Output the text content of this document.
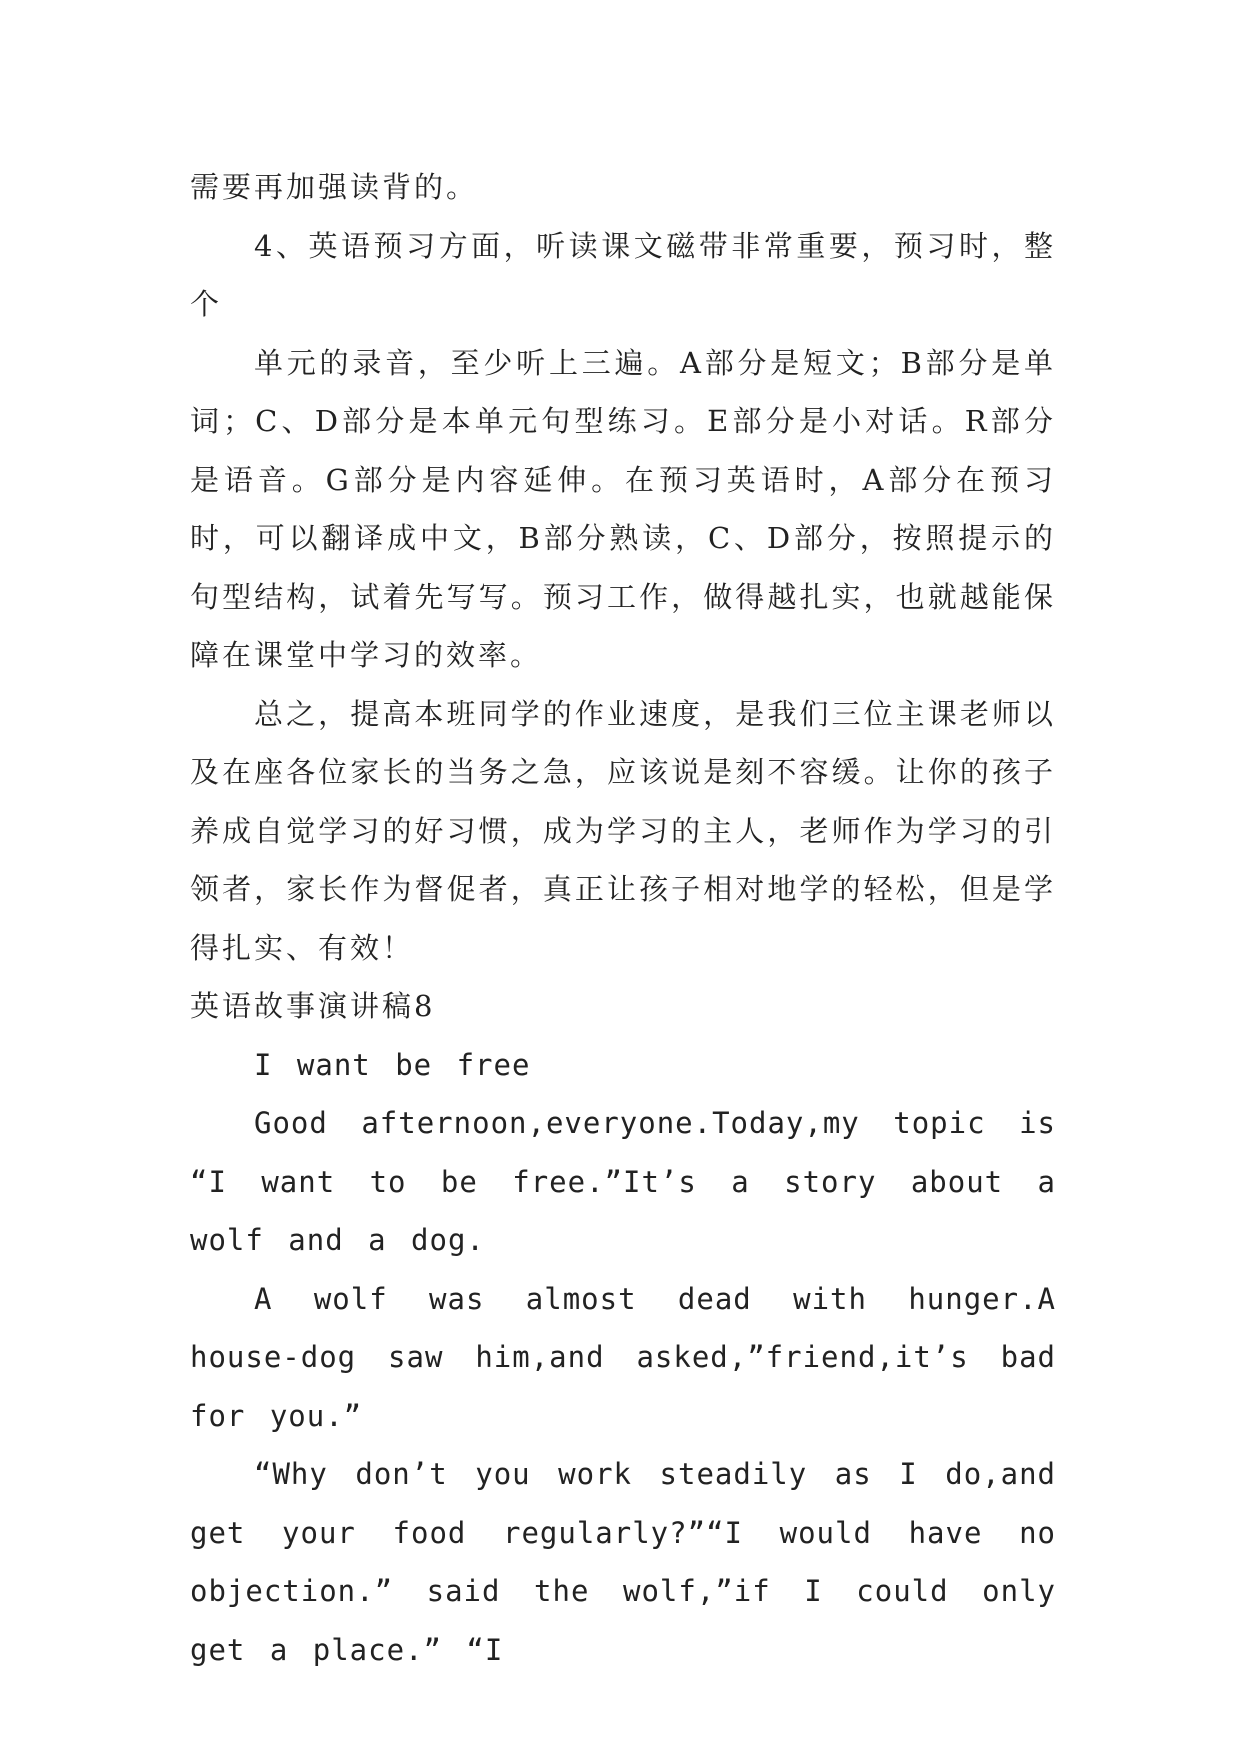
需要再加强读背的。

4、英语预习方面，听读课文磁带非常重要，预习时，整个

单元的录音，至少听上三遍。A部分是短文；B部分是单词；C、D部分是本单元句型练习。E部分是小对话。R部分是语音。G部分是内容延伸。在预习英语时，A部分在预习时，可以翻译成中文，B部分熟读，C、D部分，按照提示的句型结构，试着先写写。预习工作，做得越扎实，也就越能保障在课堂中学习的效率。

总之，提高本班同学的作业速度，是我们三位主课老师以及在座各位家长的当务之急，应该说是刻不容缓。让你的孩子养成自觉学习的好习惯，成为学习的主人，老师作为学习的引领者，家长作为督促者，真正让孩子相对地学的轻松，但是学得扎实、有效！

英语故事演讲稿8

I want be free

Good afternoon,everyone.Today,my topic is “I want to be free.”It’s a story about a wolf and a dog.

A wolf was almost dead with hunger.A house-dog saw him,and asked,”friend,it’s bad for you.”

“Why don’t you work steadily as I do,and get your food regularly?”“I would have no objection.” said the wolf,”if I could only get a place.” “I
